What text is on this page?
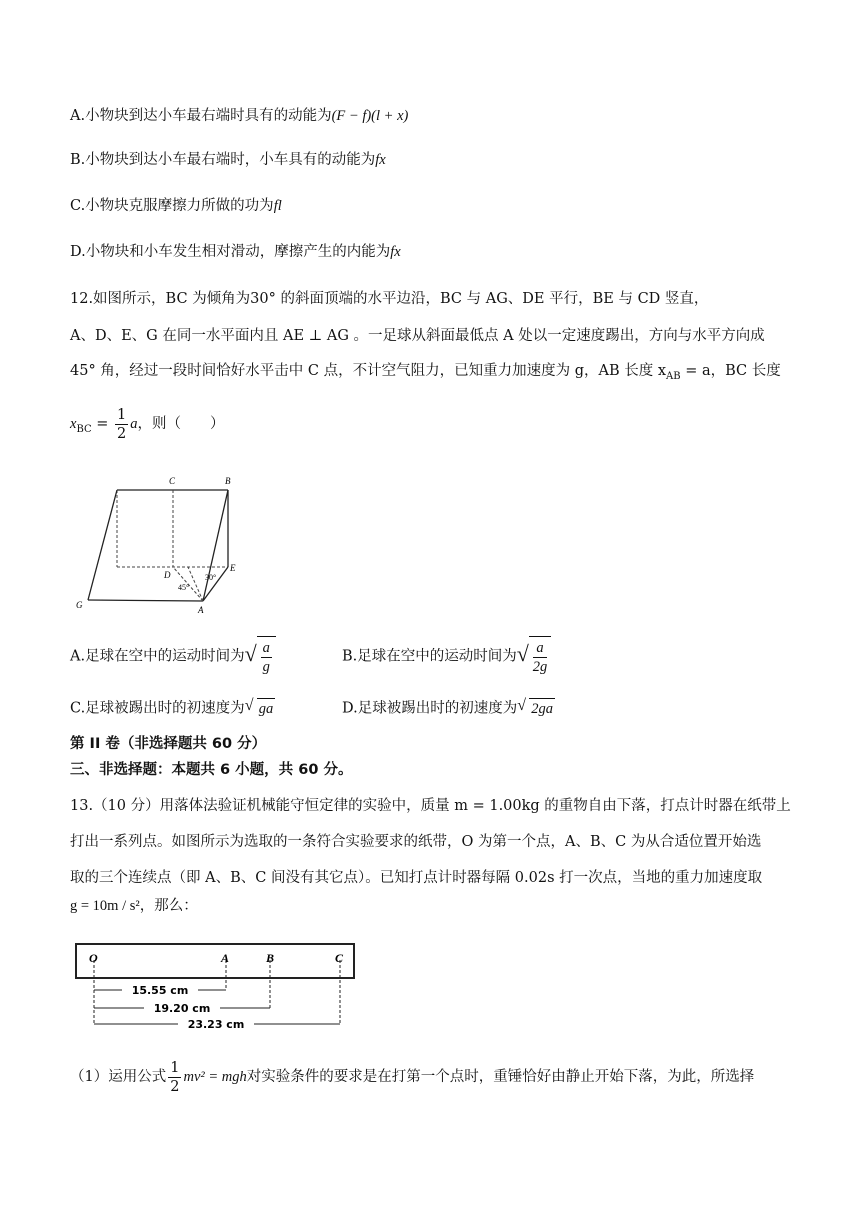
A.小物块到达小车最右端时具有的动能为(F − f)(l + x)
B.小物块到达小车最右端时，小车具有的动能为fx
C.小物块克服摩擦力所做的功为fl
D.小物块和小车发生相对滑动，摩擦产生的内能为fx
12.如图所示，BC 为倾角为30° 的斜面顶端的水平边沿，BC 与 AG、DE 平行，BE 与 CD 竖直，
A、D、E、G 在同一水平面内且 AE ⊥ AG 。一足球从斜面最低点 A 处以一定速度踢出，方向与水平方向成
45° 角，经过一段时间恰好水平击中 C 点，不计空气阻力，已知重力加速度为 g，AB 长度 $x_{AB} = a$，BC 长度
$x_{BC} = \frac{1}{2}$ a，则（　　）
C	B
D
E
G	A
30°
45°
A.足球在空中的运动时间为 √ $\frac{a}{g}$	B.足球在空中的运动时间为 √ $\frac{a}{2g}$
C.足球被踢出时的初速度为 √ ga	D.足球被踢出时的初速度为 √ 2ga
第 II 卷（非选择题共 60 分）
三、非选择题：本题共 6 小题，共 60 分。
13.（10 分）用落体法验证机械能守恒定律的实验中，质量 m = 1.00kg 的重物自由下落，打点计时器在纸带上
打出一系列点。如图所示为选取的一条符合实验要求的纸带，O 为第一个点，A、B、C 为从合适位置开始选
取的三个连续点（即 A、B、C 间没有其它点）。已知打点计时器每隔 0.02s 打一次点，当地的重力加速度取
g = 10m / s²，那么：
O	A	B	C
15.55 cm
19.20 cm
23.23 cm
（1）运用公式 $\frac{1}{2} mv^2$ = mgh对实验条件的要求是在打第一个点时，重锤恰好由静止开始下落，为此，所选择
